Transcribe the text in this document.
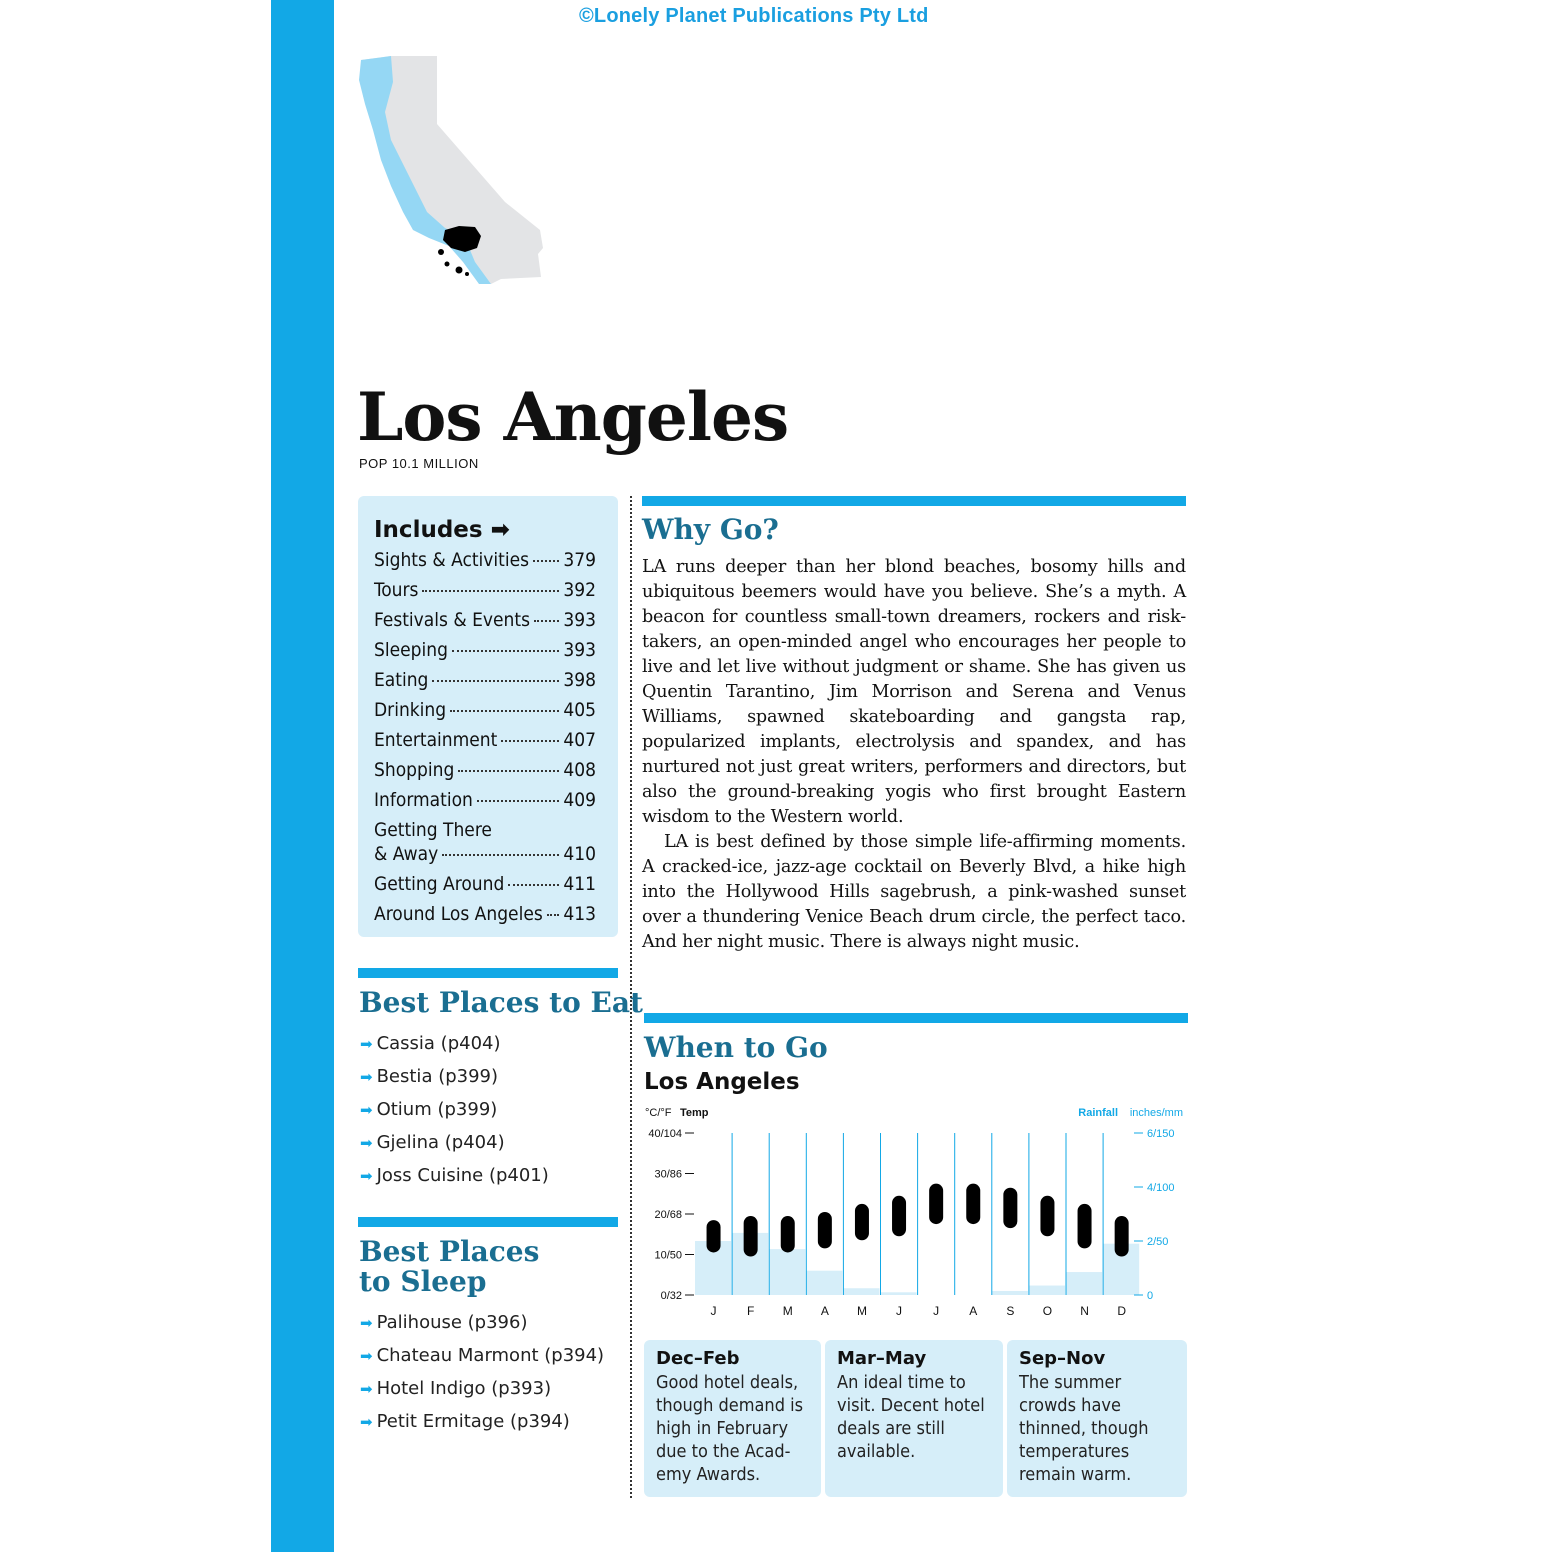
©Lonely Planet Publications Pty Ltd
Los Angeles
POP 10.1 MILLION
Includes ➡
Sights & Activities 379
Tours	392
Festivals & Events 393
Sleeping	393
Eating	398
Drinking	405
Entertainment	407
Shopping	408
Information	409
Getting There
& Away	410
Getting Around	411
Around Los Angeles 413
Best Places to Eat
➡ Cassia (p404)
➡ Bestia (p399)
➡ Otium (p399)
➡ Gjelina (p404)
➡ Joss Cuisine (p401)
Best Places
to Sleep
➡ Palihouse (p396)
➡ Chateau Marmont (p394)
➡ Hotel Indigo (p393)
➡ Petit Ermitage (p394)
Why Go?

LA runs deeper than her blond beaches, bosomy hills and ubiquitous beemers would have you believe. She’s a myth. A beacon for countless small-town dreamers, rockers and risk-takers, an open-minded angel who encourages her people to live and let live without judgment or shame. She has given us Quentin Tarantino, Jim Morrison and Serena and Venus Williams, spawned skateboarding and gangsta rap, popularized implants, electrolysis and spandex, and has nurtured not just great writers, performers and directors, but also the ground-breaking yogis who first brought Eastern wisdom to the Western world.

LA is best defined by those simple life-affirming moments. A cracked-ice, jazz-age cocktail on Beverly Blvd, a hike high into the Hollywood Hills sagebrush, a pink-washed sunset over a thundering Venice Beach drum circle, the perfect taco. And her night music. There is always night music.

When to Go
Los Angeles
°C/°F Temp	Rainfall inches/mm
40/104
30/86
20/68
10/50
0/32
6/150
4/100
2/50
0
J	F M A M J	J	A S O N D
Dec–Feb
Good hotel deals,
though demand is
high in February
due to the Acad-
emy Awards.
Mar–May
An ideal time to
visit. Decent hotel
deals are still
available.
Sep–Nov
The summer
crowds have
thinned, though
temperatures
remain warm.
